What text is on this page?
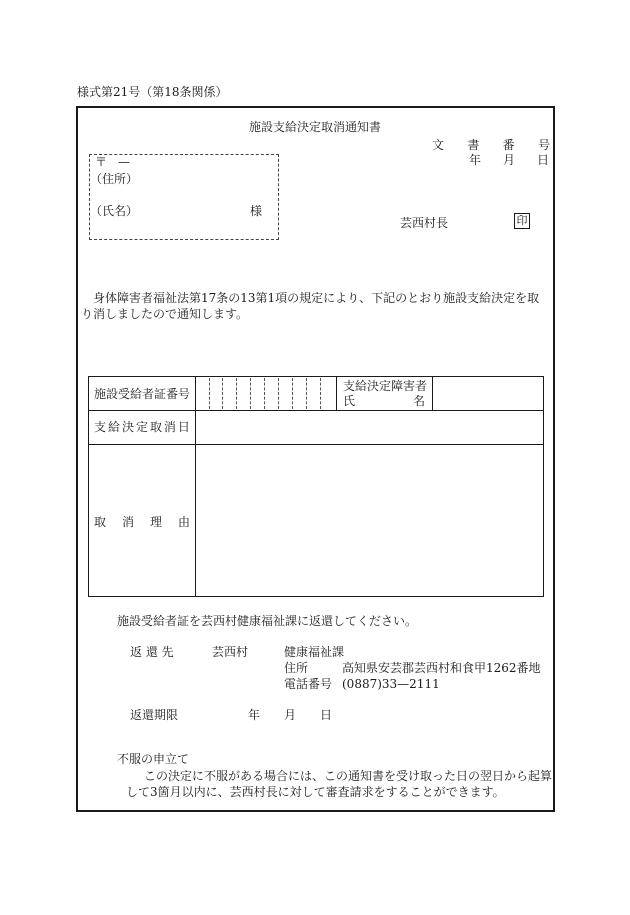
様式第21号（第18条関係）
施設支給決定取消通知書
文 書 番 号
年 月 日
〒 —
（住所）
（氏名）	様
芸西村長	印
身体障害者福祉法第17条の13第1項の規定により、下記のとおり施設支給決定を取り消しましたので通知します。
施設受給者証番号
支給決定障害者
氏	名
支 給 決 定 取 消 日
取 消 理 由
施設受給者証を芸西村健康福祉課に返還してください。
返 還 先	芸西村	健康福祉課
住所	高知県安芸郡芸西村和食甲1262番地
電話番号 (0887)33—2111
返還期限	年 月 日
不服の申立て
この決定に不服がある場合には、この通知書を受け取った日の翌日から起算して3箇月以内に、芸西村長に対して審査請求をすることができます。
